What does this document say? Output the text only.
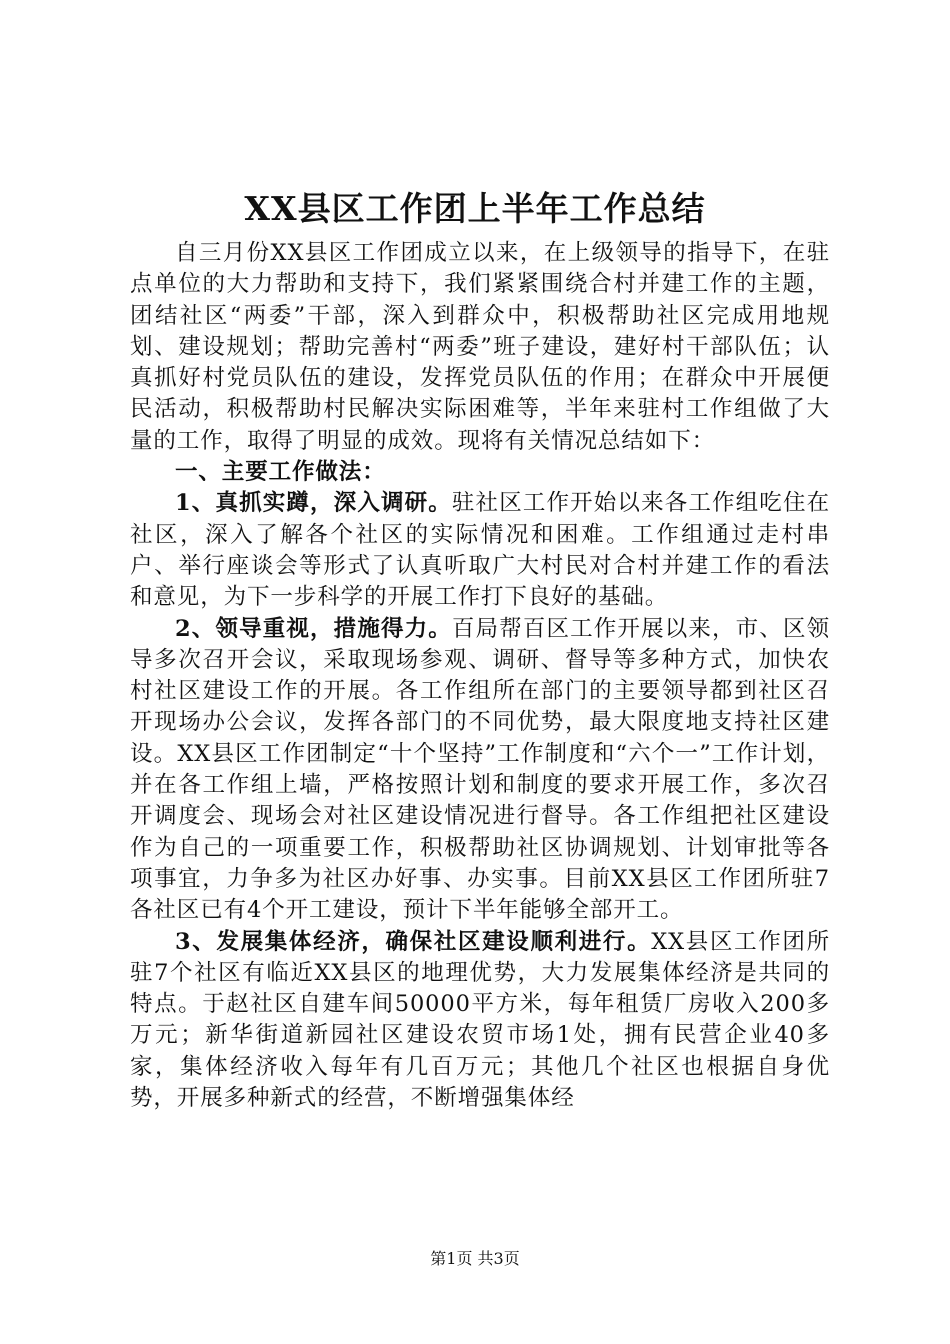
XX县区工作团上半年工作总结

自三月份XX县区工作团成立以来，在上级领导的指导下，在驻点单位的大力帮助和支持下，我们紧紧围绕合村并建工作的主题，团结社区“两委”干部，深入到群众中，积极帮助社区完成用地规划、建设规划；帮助完善村“两委”班子建设，建好村干部队伍；认真抓好村党员队伍的建设，发挥党员队伍的作用；在群众中开展便民活动，积极帮助村民解决实际困难等，半年来驻村工作组做了大量的工作，取得了明显的成效。现将有关情况总结如下：

一、主要工作做法：

1、真抓实蹲，深入调研。驻社区工作开始以来各工作组吃住在社区，深入了解各个社区的实际情况和困难。工作组通过走村串户、举行座谈会等形式了认真听取广大村民对合村并建工作的看法和意见，为下一步科学的开展工作打下良好的基础。

2、领导重视，措施得力。百局帮百区工作开展以来，市、区领导多次召开会议，采取现场参观、调研、督导等多种方式，加快农村社区建设工作的开展。各工作组所在部门的主要领导都到社区召开现场办公会议，发挥各部门的不同优势，最大限度地支持社区建设。XX县区工作团制定“十个坚持”工作制度和“六个一”工作计划，并在各工作组上墙，严格按照计划和制度的要求开展工作，多次召开调度会、现场会对社区建设情况进行督导。各工作组把社区建设作为自己的一项重要工作，积极帮助社区协调规划、计划审批等各项事宜，力争多为社区办好事、办实事。目前XX县区工作团所驻7各社区已有4个开工建设，预计下半年能够全部开工。

3、发展集体经济，确保社区建设顺利进行。XX县区工作团所驻7个社区有临近XX县区的地理优势，大力发展集体经济是共同的特点。于赵社区自建车间50000平方米，每年租赁厂房收入200多万元；新华街道新园社区建设农贸市场1处，拥有民营企业40多家，集体经济收入每年有几百万元；其他几个社区也根据自身优势，开展多种新式的经营，不断增强集体经

第1页 共3页
